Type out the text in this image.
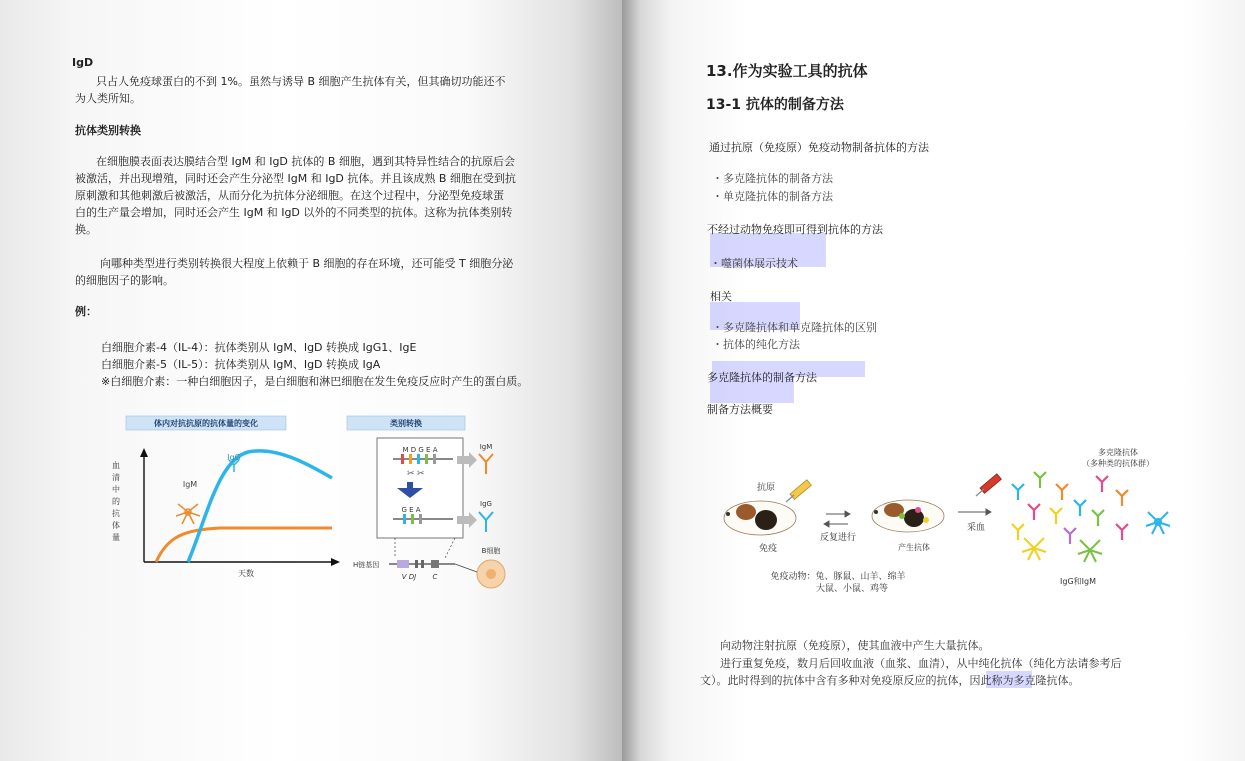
IgD
只占人免疫球蛋白的不到 1%。虽然与诱导 B 细胞产生抗体有关，但其确切功能还不
为人类所知。
抗体类别转换
在细胞膜表面表达膜结合型 IgM 和 IgD 抗体的 B 细胞，遇到其特异性结合的抗原后会
被激活，并出现增殖，同时还会产生分泌型 IgM 和 IgD 抗体。并且该成熟 B 细胞在受到抗
原刺激和其他刺激后被激活，从而分化为抗体分泌细胞。在这个过程中，分泌型免疫球蛋
白的生产量会增加，同时还会产生 IgM 和 IgD 以外的不同类型的抗体。这称为抗体类别转
换。
向哪种类型进行类别转换很大程度上依赖于 B 细胞的存在环境，还可能受 T 细胞分泌
的细胞因子的影响。
例：
白细胞介素-4（IL-4）：抗体类别从 IgM、IgD 转换成 IgG1、IgE
白细胞介素-5（IL-5）：抗体类别从 IgM、IgD 转换成 IgA
※白细胞介素：一种白细胞因子，是白细胞和淋巴细胞在发生免疫反应时产生的蛋白质。
体内对抗抗原的抗体量的变化
血
清
中
的
抗
体
量
IgG
IgM
天数
类别转换
M D G E A
✂ ✂
G E A
IgM
IgG
H链基因
V DJ C
B细胞
13.作为实验工具的抗体
13-1 抗体的制备方法
通过抗原（免疫原）免疫动物制备抗体的方法
・多克隆抗体的制备方法
・单克隆抗体的制备方法
不经过动物免疫即可得到抗体的方法
・噬菌体展示技术
相关
・多克隆抗体和单克隆抗体的区别
・抗体的纯化方法
多克隆抗体的制备方法
制备方法概要
抗原
免疫
反复进行
产生抗体
采血
多克隆抗体
（多种类的抗体群）
免疫动物：兔、豚鼠、山羊、绵羊
大鼠、小鼠、鸡等
IgG和IgM
向动物注射抗原（免疫原），使其血液中产生大量抗体。
进行重复免疫，数月后回收血液（血浆、血清），从中纯化抗体（纯化方法请参考后
文）。此时得到的抗体中含有多种对免疫原反应的抗体，因此称为多克隆抗体。
